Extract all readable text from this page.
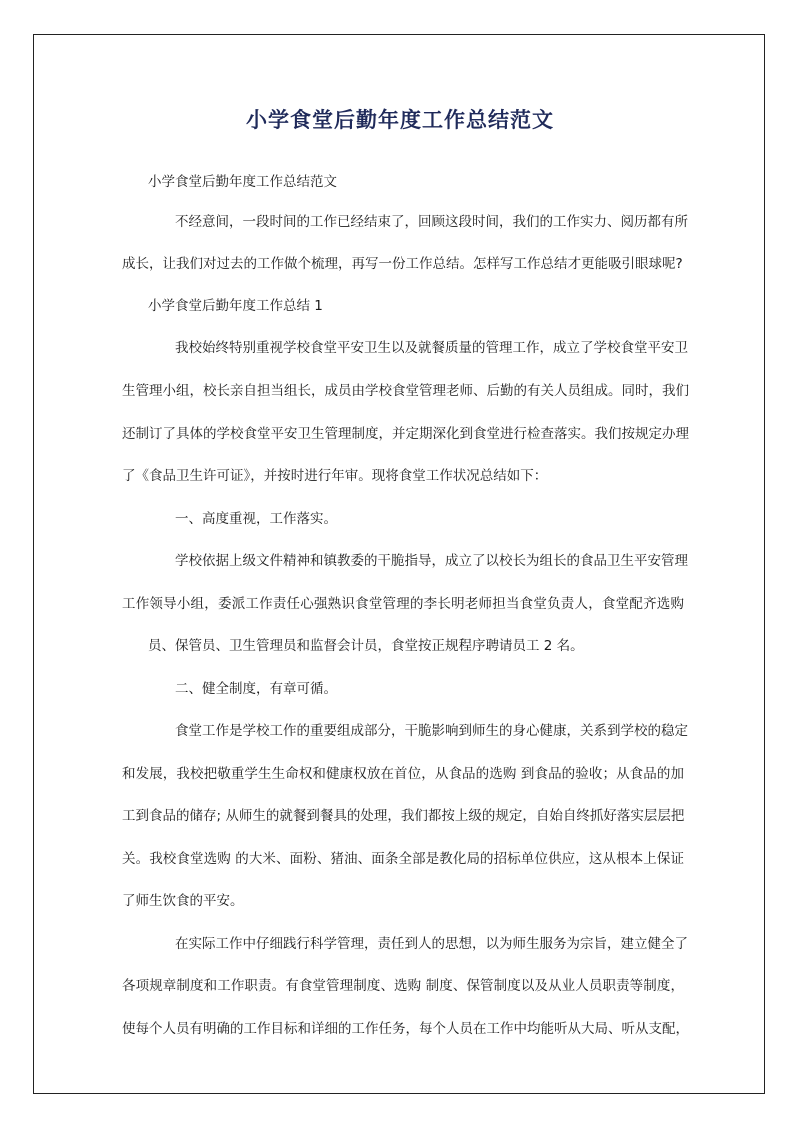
小学食堂后勤年度工作总结范文

小学食堂后勤年度工作总结范文

不经意间，一段时间的工作已经结束了，回顾这段时间，我们的工作实力、阅历都有所

成长，让我们对过去的工作做个梳理，再写一份工作总结。怎样写工作总结才更能吸引眼球呢?

小学食堂后勤年度工作总结 1

我校始终特别重视学校食堂平安卫生以及就餐质量的管理工作，成立了学校食堂平安卫

生管理小组，校长亲自担当组长，成员由学校食堂管理老师、后勤的有关人员组成。同时，我们

还制订了具体的学校食堂平安卫生管理制度，并定期深化到食堂进行检查落实。我们按规定办理

了《食品卫生许可证》，并按时进行年审。现将食堂工作状况总结如下：

一、高度重视，工作落实。

学校依据上级文件精神和镇教委的干脆指导，成立了以校长为组长的食品卫生平安管理

工作领导小组，委派工作责任心强熟识食堂管理的李长明老师担当食堂负责人，食堂配齐选购

员、保管员、卫生管理员和监督会计员，食堂按正规程序聘请员工 2 名。

二、健全制度，有章可循。

食堂工作是学校工作的重要组成部分，干脆影响到师生的身心健康，关系到学校的稳定

和发展，我校把敬重学生生命权和健康权放在首位，从食品的选购 到食品的验收；从食品的加

工到食品的储存; 从师生的就餐到餐具的处理，我们都按上级的规定，自始自终抓好落实层层把

关。我校食堂选购 的大米、面粉、猪油、面条全部是教化局的招标单位供应，这从根本上保证

了师生饮食的平安。

在实际工作中仔细践行科学管理，责任到人的思想，以为师生服务为宗旨，建立健全了

各项规章制度和工作职责。有食堂管理制度、选购 制度、保管制度以及从业人员职责等制度，

使每个人员有明确的工作目标和详细的工作任务，每个人员在工作中均能听从大局、听从支配，
